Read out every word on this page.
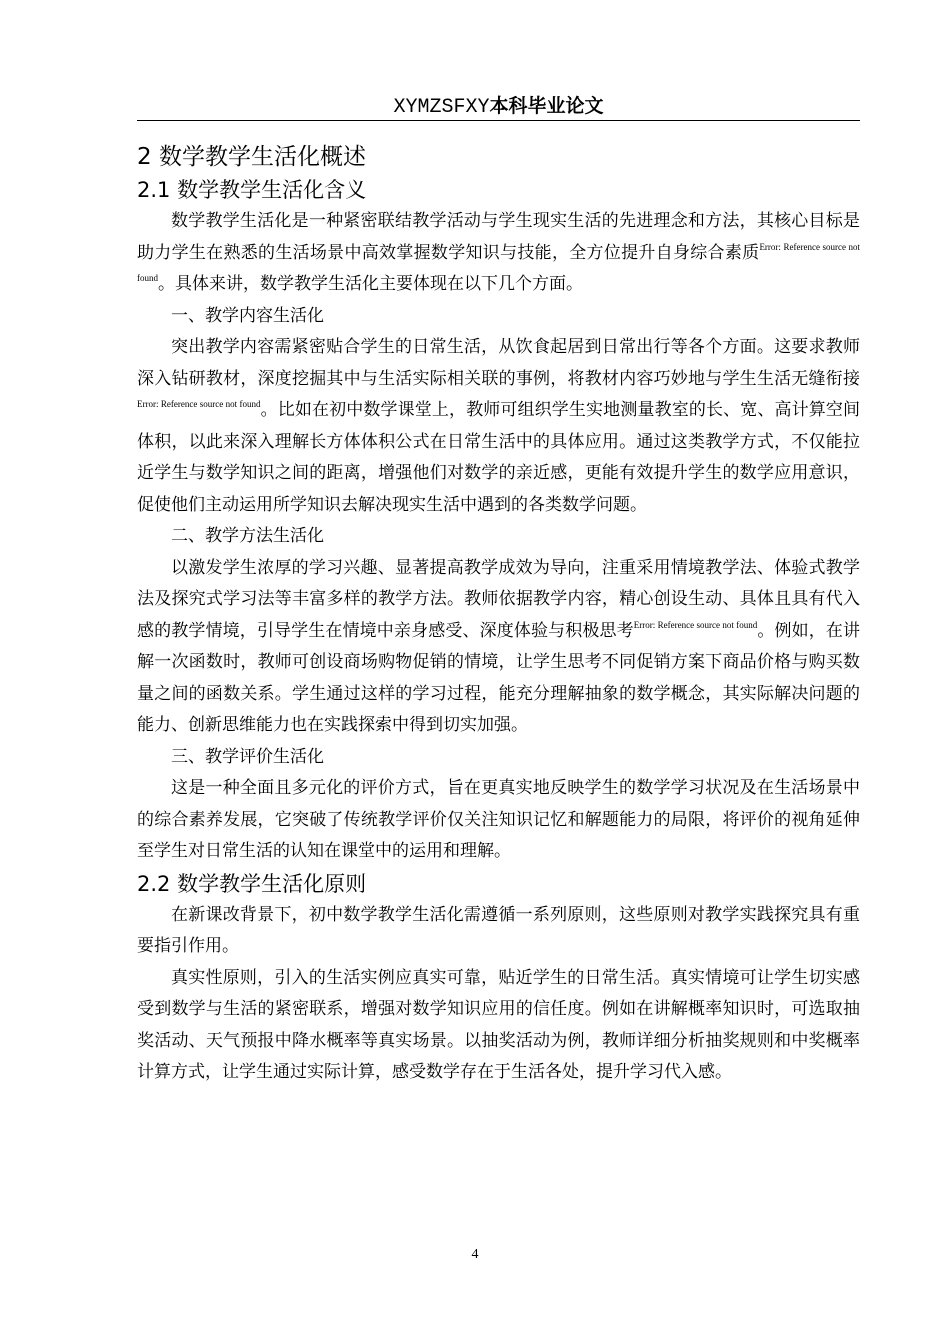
XYMZSFXY本科毕业论文
2 数学教学生活化概述
2.1 数学教学生活化含义

数学教学生活化是一种紧密联结教学活动与学生现实生活的先进理念和方法，其核心目标是助力学生在熟悉的生活场景中高效掌握数学知识与技能，全方位提升自身综合素质$^{Error: Reference source not found}$。具体来讲，数学教学生活化主要体现在以下几个方面。

一、教学内容生活化

突出教学内容需紧密贴合学生的日常生活，从饮食起居到日常出行等各个方面。这要求教师深入钻研教材，深度挖掘其中与生活实际相关联的事例，将教材内容巧妙地与学生生活无缝衔接$^{Error: Reference source not found}$。比如在初中数学课堂上，教师可组织学生实地测量教室的长、宽、高计算空间体积，以此来深入理解长方体体积公式在日常生活中的具体应用。通过这类教学方式，不仅能拉近学生与数学知识之间的距离，增强他们对数学的亲近感，更能有效提升学生的数学应用意识，促使他们主动运用所学知识去解决现实生活中遇到的各类数学问题。

二、教学方法生活化

以激发学生浓厚的学习兴趣、显著提高教学成效为导向，注重采用情境教学法、体验式教学法及探究式学习法等丰富多样的教学方法。教师依据教学内容，精心创设生动、具体且具有代入感的教学情境，引导学生在情境中亲身感受、深度体验与积极思考$^{Error: Reference source not found}$。例如，在讲解一次函数时，教师可创设商场购物促销的情境，让学生思考不同促销方案下商品价格与购买数量之间的函数关系。学生通过这样的学习过程，能充分理解抽象的数学概念，其实际解决问题的能力、创新思维能力也在实践探索中得到切实加强。

三、教学评价生活化

这是一种全面且多元化的评价方式，旨在更真实地反映学生的数学学习状况及在生活场景中的综合素养发展，它突破了传统教学评价仅关注知识记忆和解题能力的局限，将评价的视角延伸至学生对日常生活的认知在课堂中的运用和理解。

2.2 数学教学生活化原则

在新课改背景下，初中数学教学生活化需遵循一系列原则，这些原则对教学实践探究具有重要指引作用。

真实性原则，引入的生活实例应真实可靠，贴近学生的日常生活。真实情境可让学生切实感受到数学与生活的紧密联系，增强对数学知识应用的信任度。例如在讲解概率知识时，可选取抽奖活动、天气预报中降水概率等真实场景。以抽奖活动为例，教师详细分析抽奖规则和中奖概率计算方式，让学生通过实际计算，感受数学存在于生活各处，提升学习代入感。

4
